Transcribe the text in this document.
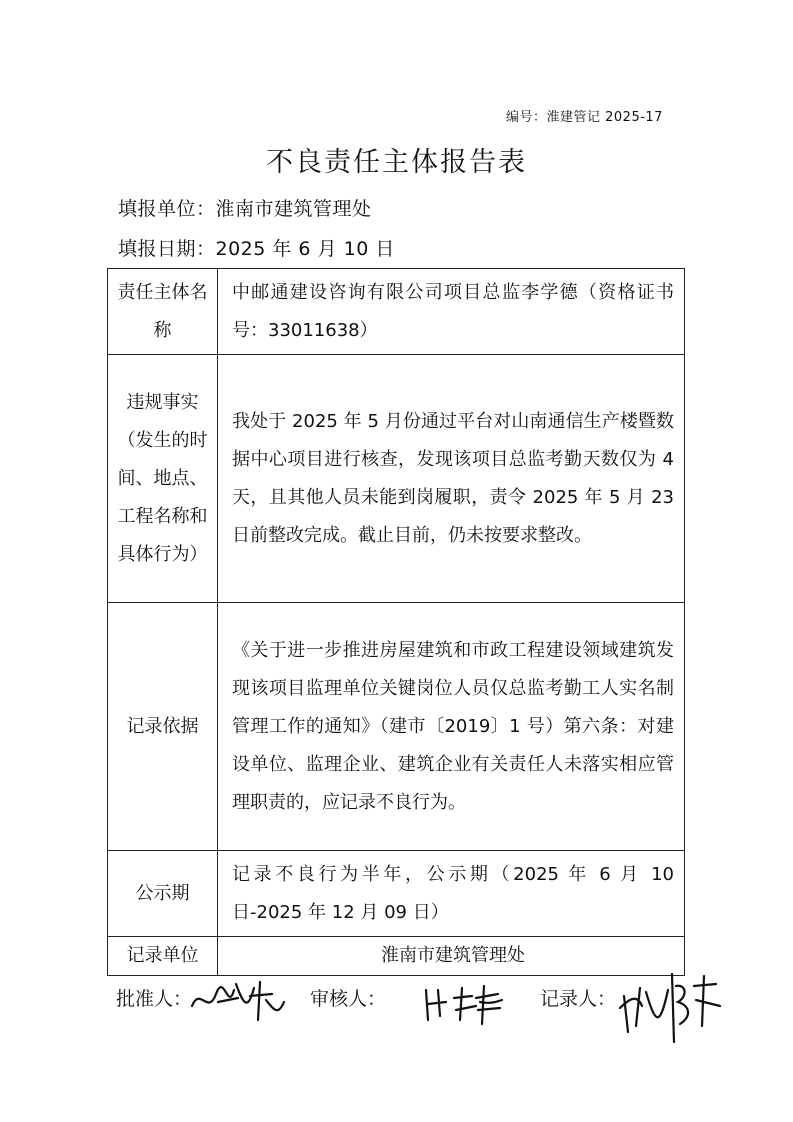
编号：淮建管记 2025-17
不良责任主体报告表
填报单位：淮南市建筑管理处
填报日期：2025 年 6 月 10 日
责任主体名称	中邮通建设咨询有限公司项目总监李学德（资格证书号：33011638）
违规事实（发生的时间、地点、工程名称和具体行为）	我处于 2025 年 5 月份通过平台对山南通信生产楼暨数据中心项目进行核查，发现该项目总监考勤天数仅为 4 天，且其他人员未能到岗履职，责令 2025 年 5 月 23 日前整改完成。截止目前，仍未按要求整改。
记录依据	《关于进一步推进房屋建筑和市政工程建设领域建筑发现该项目监理单位关键岗位人员仅总监考勤工人实名制管理工作的通知》（建市〔2019〕1 号）第六条：对建设单位、监理企业、建筑企业有关责任人未落实相应管理职责的，应记录不良行为。
公示期	记录不良行为半年，公示期（2025 年 6 月 10 日-2025 年 12 月 09 日）
记录单位	淮南市建筑管理处
批准人：	审核人：	记录人：
